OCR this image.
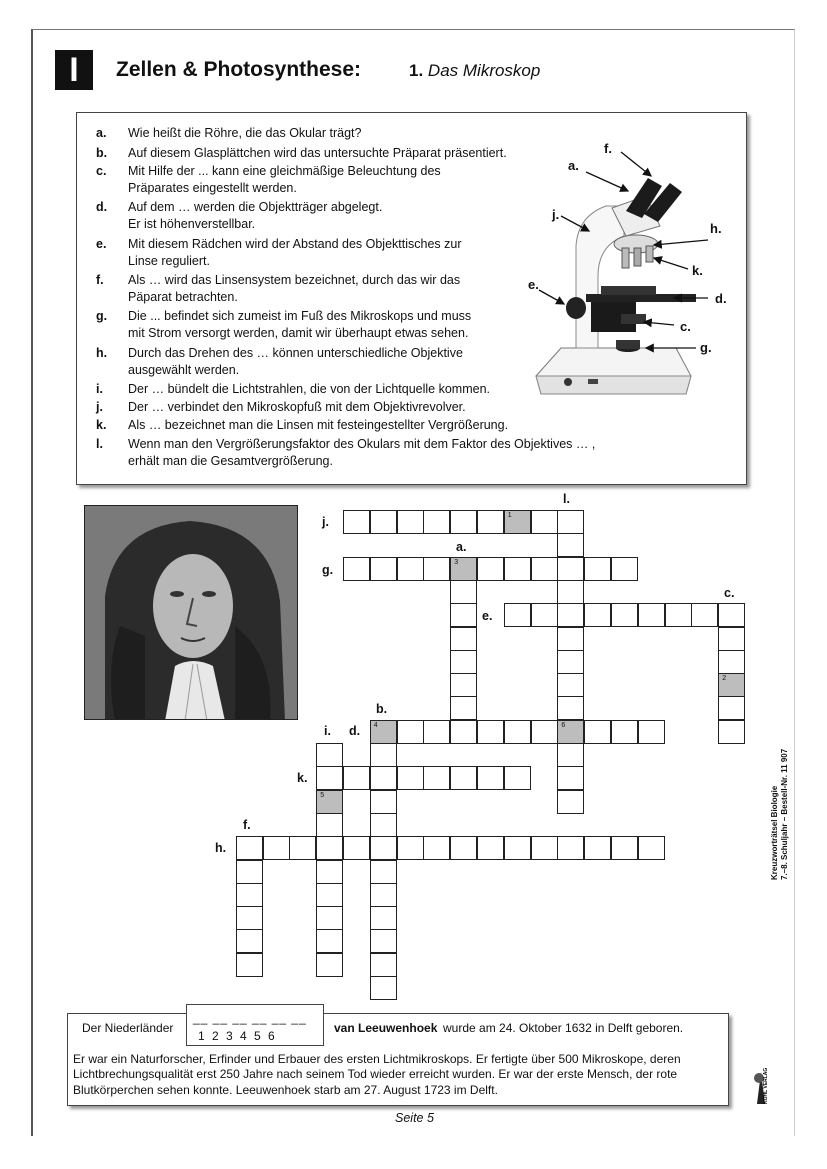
I	Zellen & Photosynthese:	1. Das Mikroskop
a. Wie heißt die Röhre, die das Okular trägt?
b. Auf diesem Glasplättchen wird das untersuchte Präparat präsentiert.
c. Mit Hilfe der ... kann eine gleichmäßige Beleuchtung des
Präparates eingestellt werden.
d. Auf dem … werden die Objektträger abgelegt.
Er ist höhenverstellbar.
e. Mit diesem Rädchen wird der Abstand des Objekttisches zur
Linse reguliert.
f. Als … wird das Linsensystem bezeichnet, durch das wir das
Päparat betrachten.
g. Die ... befindet sich zumeist im Fuß des Mikroskops und muss
mit Strom versorgt werden, damit wir überhaupt etwas sehen.
h. Durch das Drehen des … können unterschiedliche Objektive
ausgewählt werden.
i. Der … bündelt die Lichtstrahlen, die von der Lichtquelle kommen.
j. Der … verbindet den Mikroskopfuß mit dem Objektivrevolver.
k. Als … bezeichnet man die Linsen mit festeingestellter Vergrößerung.
l. Wenn man den Vergrößerungsfaktor des Okulars mit dem Faktor des Objektives … ,
erhält man die Gesamtvergrößerung.
a.
f.
j.
h.
k.
e.
d.
c.
g.
1
3
6
2
4
5
l.
j.
a.
g.
c.
e.
b.
i. d.
k.
f.
h.
Der Niederländer	van Leeuwenhoek wurde am 24. Oktober 1632 in Delft geboren.
Er war ein Naturforscher, Erfinder und Erbauer des ersten Lichtmikroskops. Er fertigte über 500 Mikroskope, deren
Lichtbrechungsqualität erst 250 Jahre nach seinem Tod wieder erreicht wurden. Er war der erste Mensch, der rote
Blutkörperchen sehen konnte. Leeuwenhoek starb am 27. August 1723 im Delft.
__ __ __ __ __ __
1 2 3 4 5 6
Seite 5
Kreuzworträtsel Biologie 7.–8. Schuljahr – Bestell-Nr. 11 907
KOHL VERLAG
